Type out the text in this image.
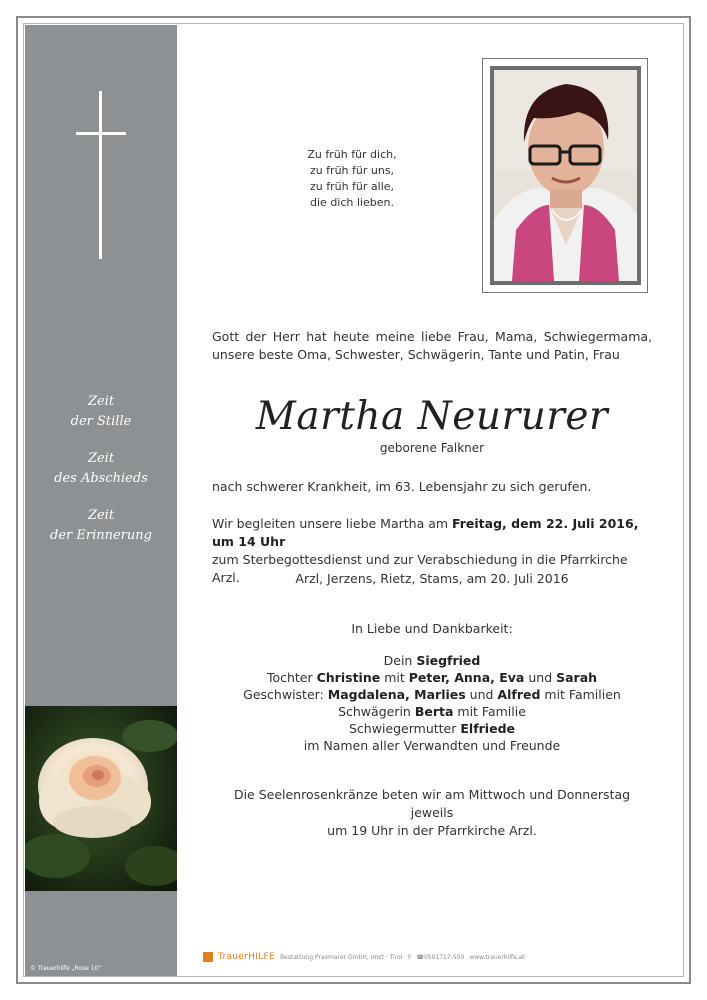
Zeit
der Stille
Zeit
des Abschieds
Zeit
der Erinnerung
© Trauerhilfe „Rose 10“
Zu früh für dich,
zu früh für uns,
zu früh für alle,
die dich lieben.
Gott der Herr hat heute meine liebe Frau, Mama, Schwiegermama, unsere beste Oma, Schwester, Schwägerin, Tante und Patin, Frau
Martha Neururer
geborene Falkner
nach schwerer Krankheit, im 63. Lebensjahr zu sich gerufen.
Wir begleiten unsere liebe Martha am Freitag, dem 22. Juli 2016, um 14 Uhr
zum Sterbegottesdienst und zur Verabschiedung in die Pfarrkirche Arzl.	Arzl, Jerzens, Rietz, Stams, am 20. Juli 2016
In Liebe und Dankbarkeit:
Dein Siegfried
Tochter Christine mit Peter, Anna, Eva und Sarah
Geschwister: Magdalena, Marlies und Alfred mit Familien
Schwägerin Berta mit Familie
Schwiegermutter Elfriede
im Namen aller Verwandten und Freunde
Die Seelenrosenkränze beten wir am Mittwoch und Donnerstag jeweils
um 19 Uhr in der Pfarrkirche Arzl.
TrauerHILFE Bestattung Praxmarer GmbH, Imst · Tirol · F ☎0501717-550 www.trauerhilfe.at
